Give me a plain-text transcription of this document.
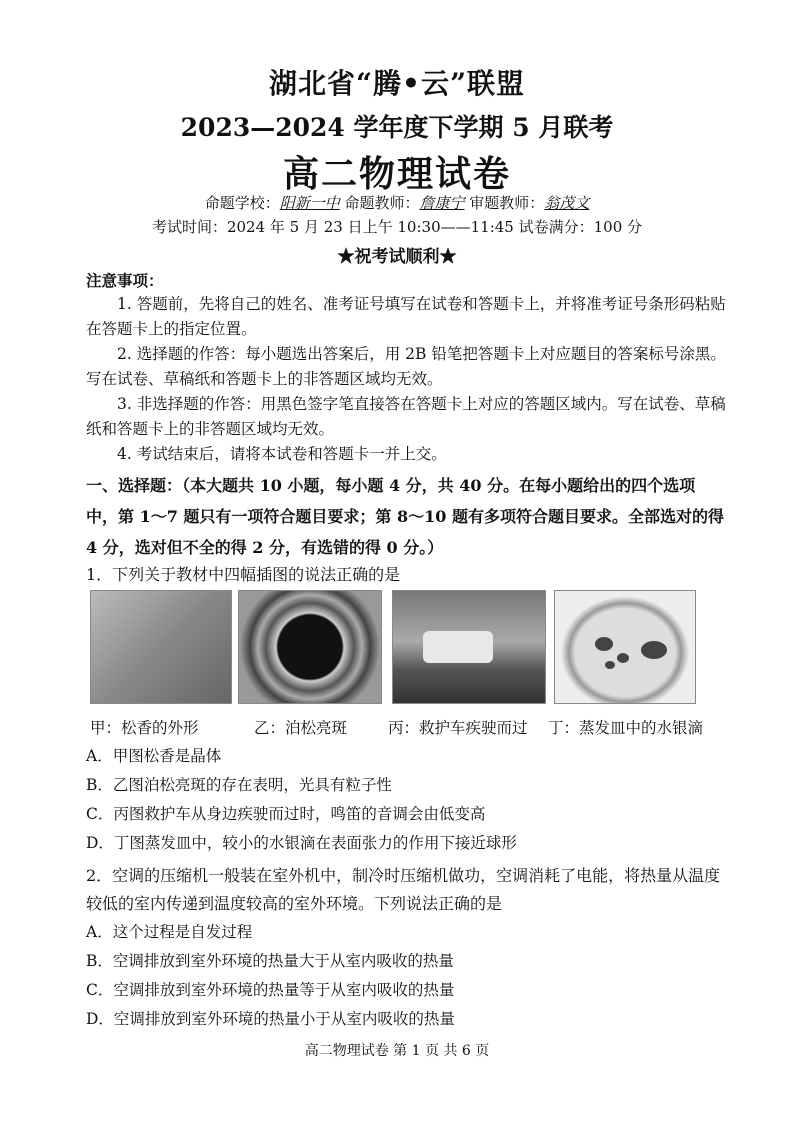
湖北省“腾•云”联盟
2023—2024 学年度下学期 5 月联考
高二物理试卷
命题学校：阳新一中 命题教师：詹康宁 审题教师：翁茂文
考试时间：2024 年 5 月 23 日上午 10:30——11:45 试卷满分：100 分
★祝考试顺利★
注意事项：

1. 答题前，先将自己的姓名、准考证号填写在试卷和答题卡上，并将准考证号条形码粘贴在答题卡上的指定位置。

2. 选择题的作答：每小题选出答案后，用 2B 铅笔把答题卡上对应题目的答案标号涂黑。写在试卷、草稿纸和答题卡上的非答题区域均无效。

3. 非选择题的作答：用黑色签字笔直接答在答题卡上对应的答题区域内。写在试卷、草稿纸和答题卡上的非答题区域均无效。

4. 考试结束后，请将本试卷和答题卡一并上交。

一、选择题：（本大题共 10 小题，每小题 4 分，共 40 分。在每小题给出的四个选项中，第 1～7 题只有一项符合题目要求；第 8～10 题有多项符合题目要求。全部选对的得 4 分，选对但不全的得 2 分，有选错的得 0 分。）
1．下列关于教材中四幅插图的说法正确的是
甲：松香的外形	乙：泊松亮斑	丙：救护车疾驶而过 丁：蒸发皿中的水银滴
A．甲图松香是晶体
B．乙图泊松亮斑的存在表明，光具有粒子性
C．丙图救护车从身边疾驶而过时，鸣笛的音调会由低变高
D．丁图蒸发皿中，较小的水银滴在表面张力的作用下接近球形
2．空调的压缩机一般装在室外机中，制冷时压缩机做功，空调消耗了电能，将热量从温度较低的室内传递到温度较高的室外环境。下列说法正确的是
A．这个过程是自发过程
B．空调排放到室外环境的热量大于从室内吸收的热量
C．空调排放到室外环境的热量等于从室内吸收的热量
D．空调排放到室外环境的热量小于从室内吸收的热量
高二物理试卷 第 1 页 共 6 页
